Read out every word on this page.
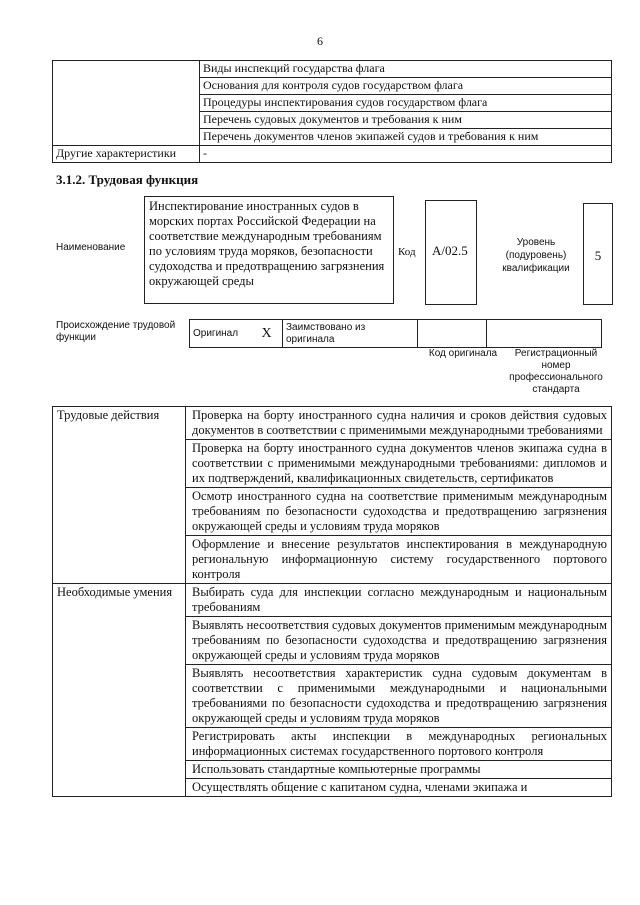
6
	Виды инспекций государства флага
	Основания для контроля судов государством флага
	Процедуры инспектирования судов государством флага
	Перечень судовых документов и требования к ним
	Перечень документов членов экипажей судов и требования к ним
Другие характеристики	-
3.1.2. Трудовая функция
Наименование
Инспектирование иностранных судов в морских портах Российской Федерации на соответствие международным требованиям по условиям труда моряков, безопасности судоходства и предотвращению загрязнения окружающей среды
Код	A/02.5
Уровень (подуровень) квалификации
5
Происхождение трудовой функции	Оригинал	X	Заимствовано из оригинала		
Код оригинала	Регистрационный номер профессионального стандарта
Трудовые действия	Проверка на борту иностранного судна наличия и сроков действия судовых документов в соответствии с применимыми международными требованиями
	Проверка на борту иностранного судна документов членов экипажа судна в соответствии с применимыми международными требованиями: дипломов и их подтверждений, квалификационных свидетельств, сертификатов
	Осмотр иностранного судна на соответствие применимым международным требованиям по безопасности судоходства и предотвращению загрязнения окружающей среды и условиям труда моряков
	Оформление и внесение результатов инспектирования в международную региональную информационную систему государственного портового контроля
Необходимые умения	Выбирать суда для инспекции согласно международным и национальным требованиям
	Выявлять несоответствия судовых документов применимым международным требованиям по безопасности судоходства и предотвращению загрязнения окружающей среды и условиям труда моряков
	Выявлять несоответствия характеристик судна судовым документам в соответствии с применимыми международными и национальными требованиями по безопасности судоходства и предотвращению загрязнения окружающей среды и условиям труда моряков
	Регистрировать акты инспекции в международных региональных информационных системах государственного портового контроля
	Использовать стандартные компьютерные программы
	Осуществлять общение с капитаном судна, членами экипажа и
